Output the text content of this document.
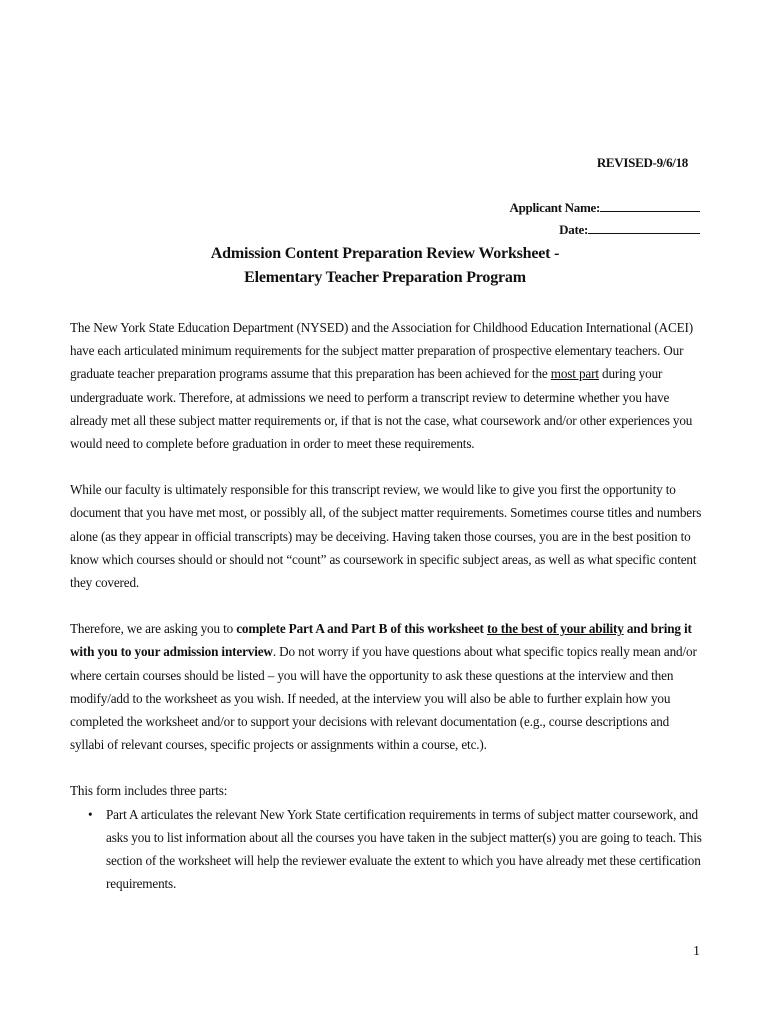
REVISED-9/6/18
Applicant Name:
Date:
Admission Content Preparation Review Worksheet -
Elementary Teacher Preparation Program

The New York State Education Department (NYSED) and the Association for Childhood Education International (ACEI) have each articulated minimum requirements for the subject matter preparation of prospective elementary teachers. Our graduate teacher preparation programs assume that this preparation has been achieved for the most part during your undergraduate work. Therefore, at admissions we need to perform a transcript review to determine whether you have already met all these subject matter requirements or, if that is not the case, what coursework and/or other experiences you would need to complete before graduation in order to meet these requirements.

While our faculty is ultimately responsible for this transcript review, we would like to give you first the opportunity to document that you have met most, or possibly all, of the subject matter requirements. Sometimes course titles and numbers alone (as they appear in official transcripts) may be deceiving. Having taken those courses, you are in the best position to know which courses should or should not “count” as coursework in specific subject areas, as well as what specific content they covered.

Therefore, we are asking you to complete Part A and Part B of this worksheet to the best of your ability and bring it with you to your admission interview. Do not worry if you have questions about what specific topics really mean and/or where certain courses should be listed – you will have the opportunity to ask these questions at the interview and then modify/add to the worksheet as you wish. If needed, at the interview you will also be able to further explain how you completed the worksheet and/or to support your decisions with relevant documentation (e.g., course descriptions and syllabi of relevant courses, specific projects or assignments within a course, etc.).

This form includes three parts:

• Part A articulates the relevant New York State certification requirements in terms of subject matter coursework, and asks you to list information about all the courses you have taken in the subject matter(s) you are going to teach. This section of the worksheet will help the reviewer evaluate the extent to which you have already met these certification requirements.
1
